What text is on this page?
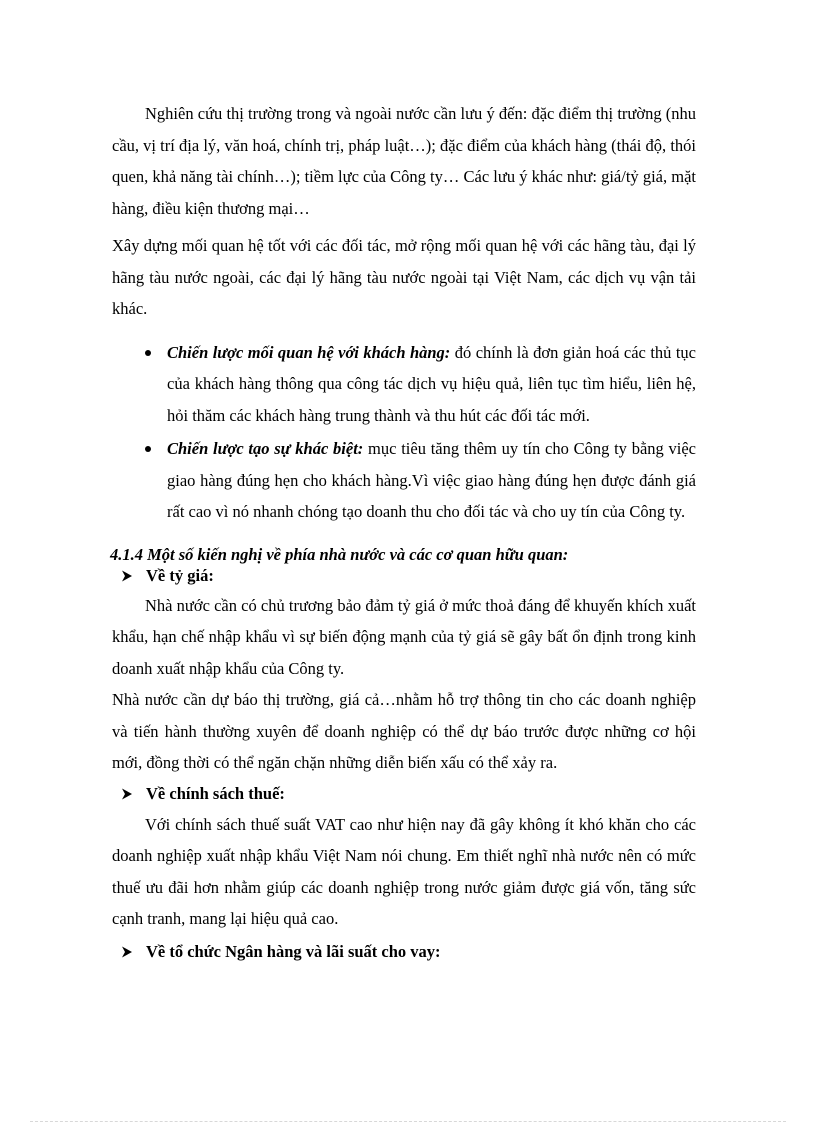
Nghiên cứu thị trường trong và ngoài nước cần lưu ý đến: đặc điểm thị trường (nhu cầu, vị trí địa lý, văn hoá, chính trị, pháp luật…); đặc điểm của khách hàng (thái độ, thói quen, khả năng tài chính…); tiềm lực của Công ty… Các lưu ý khác như: giá/tỷ giá, mặt hàng, điều kiện thương mại…

Xây dựng mối quan hệ tốt với các đối tác, mở rộng mối quan hệ với các hãng tàu, đại lý hãng tàu nước ngoài, các đại lý hãng tàu nước ngoài tại Việt Nam, các dịch vụ vận tải khác.

Chiến lược mối quan hệ với khách hàng: đó chính là đơn giản hoá các thủ tục của khách hàng thông qua công tác dịch vụ hiệu quả, liên tục tìm hiểu, liên hệ, hỏi thăm các khách hàng trung thành và thu hút các đối tác mới.
Chiến lược tạo sự khác biệt: mục tiêu tăng thêm uy tín cho Công ty bằng việc giao hàng đúng hẹn cho khách hàng.Vì việc giao hàng đúng hẹn được đánh giá rất cao vì nó nhanh chóng tạo doanh thu cho đối tác và cho uy tín của Công ty.

4.1.4 Một số kiến nghị về phía nhà nước và các cơ quan hữu quan:

Về tỷ giá:

Nhà nước cần có chủ trương bảo đảm tỷ giá ở mức thoả đáng để khuyến khích xuất khẩu, hạn chế nhập khẩu vì sự biến động mạnh của tỷ giá sẽ gây bất ổn định trong kinh doanh xuất nhập khẩu của Công ty.

Nhà nước cần dự báo thị trường, giá cả…nhằm hỗ trợ thông tin cho các doanh nghiệp và tiến hành thường xuyên để doanh nghiệp có thể dự báo trước được những cơ hội mới, đồng thời có thể ngăn chặn những diễn biến xấu có thể xảy ra.

Về chính sách thuế:

Với chính sách thuế suất VAT cao như hiện nay đã gây không ít khó khăn cho các doanh nghiệp xuất nhập khẩu Việt Nam nói chung. Em thiết nghĩ nhà nước nên có mức thuế ưu đãi hơn nhằm giúp các doanh nghiệp trong nước giảm được giá vốn, tăng sức cạnh tranh, mang lại hiệu quả cao.

Về tổ chức Ngân hàng và lãi suất cho vay:
